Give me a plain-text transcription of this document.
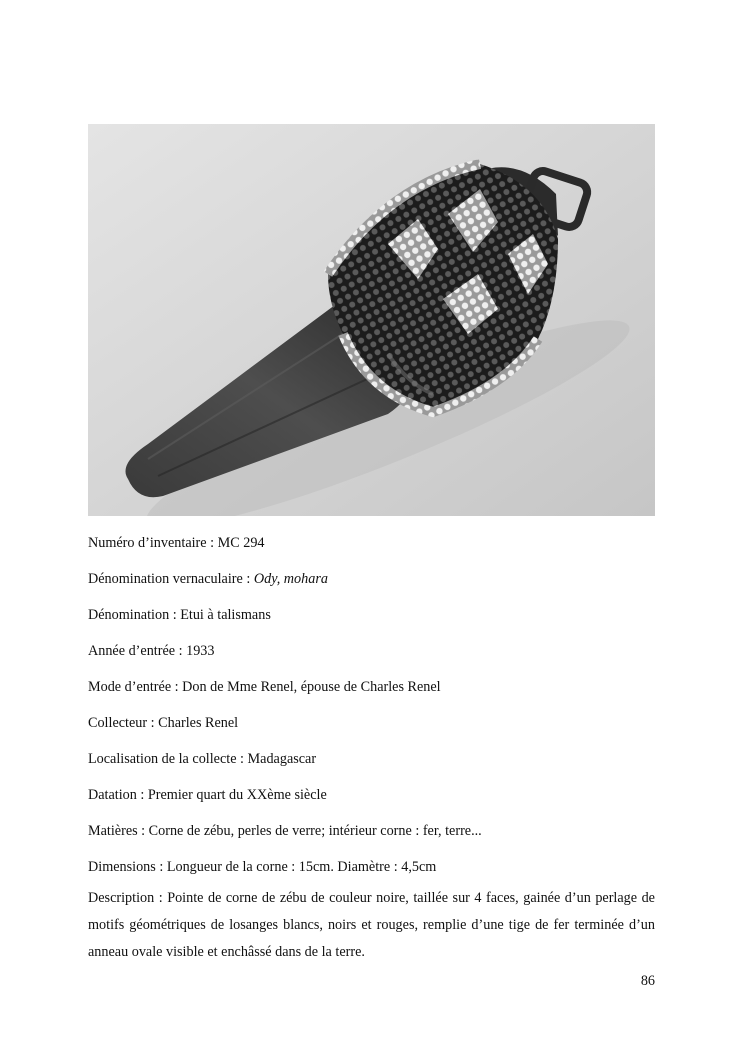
Numéro d’inventaire : MC 294
Dénomination vernaculaire : Ody, mohara
Dénomination : Etui à talismans
Année d’entrée : 1933
Mode d’entrée : Don de Mme Renel, épouse de Charles Renel
Collecteur : Charles Renel
Localisation de la collecte : Madagascar
Datation : Premier quart du XXème siècle
Matières : Corne de zébu, perles de verre; intérieur corne : fer, terre...
Dimensions : Longueur de la corne : 15cm. Diamètre : 4,5cm
Description : Pointe de corne de zébu de couleur noire, taillée sur 4 faces, gainée d’un perlage de motifs géométriques de losanges blancs, noirs et rouges, remplie d’une tige de fer terminée d’un anneau ovale visible et enchâssé dans de la terre.
86
